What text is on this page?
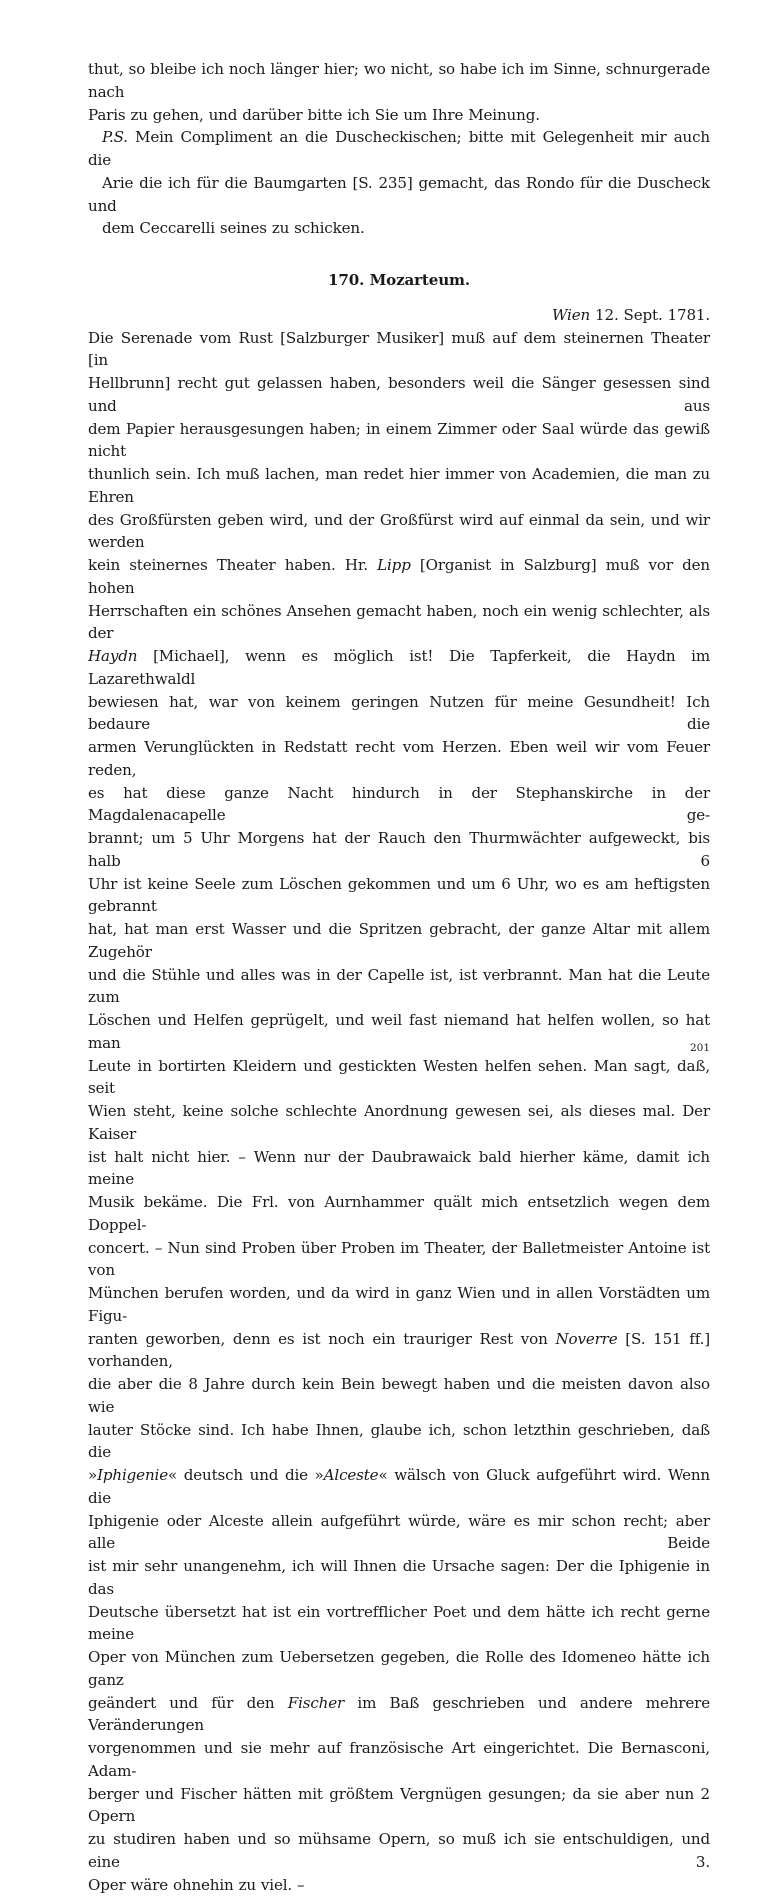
thut, so bleibe ich noch länger hier; wo nicht, so habe ich im Sinne, schnurgerade nach
Paris zu gehen, und darüber bitte ich Sie um Ihre Meinung.

P.S. Mein Compliment an die Duscheckischen; bitte mit Gelegenheit mir auch die
Arie die ich für die Baumgarten [S. 235] gemacht, das Rondo für die Duscheck und
dem Ceccarelli seines zu schicken.

170. Mozarteum.

Wien 12. Sept. 1781.

Die Serenade vom Rust [Salzburger Musiker] muß auf dem steinernen Theater [in
Hellbrunn] recht gut gelassen haben, besonders weil die Sänger gesessen sind und aus
dem Papier herausgesungen haben; in einem Zimmer oder Saal würde das gewiß nicht
thunlich sein. Ich muß lachen, man redet hier immer von Academien, die man zu Ehren
des Großfürsten geben wird, und der Großfürst wird auf einmal da sein, und wir werden
kein steinernes Theater haben. Hr. Lipp [Organist in Salzburg] muß vor den hohen
Herrschaften ein schönes Ansehen gemacht haben, noch ein wenig schlechter, als der
Haydn [Michael], wenn es möglich ist! Die Tapferkeit, die Haydn im Lazarethwaldl
bewiesen hat, war von keinem geringen Nutzen für meine Gesundheit! Ich bedaure die
armen Verunglückten in Redstatt recht vom Herzen. Eben weil wir vom Feuer reden,
es hat diese ganze Nacht hindurch in der Stephanskirche in der Magdalenacapelle ge-
brannt; um 5 Uhr Morgens hat der Rauch den Thurmwächter aufgeweckt, bis halb 6
Uhr ist keine Seele zum Löschen gekommen und um 6 Uhr, wo es am heftigsten gebrannt
hat, hat man erst Wasser und die Spritzen gebracht, der ganze Altar mit allem Zugehör
und die Stühle und alles was in der Capelle ist, ist verbrannt. Man hat die Leute zum
Löschen und Helfen geprügelt, und weil fast niemand hat helfen wollen, so hat man
Leute in bortirten Kleidern und gestickten Westen helfen sehen. Man sagt, daß, seit
Wien steht, keine solche schlechte Anordnung gewesen sei, als dieses mal. Der Kaiser
ist halt nicht hier. – Wenn nur der Daubrawaick bald hierher käme, damit ich meine
Musik bekäme. Die Frl. von Aurnhammer quält mich entsetzlich wegen dem Doppel-
concert. – Nun sind Proben über Proben im Theater, der Balletmeister Antoine ist von
München berufen worden, und da wird in ganz Wien und in allen Vorstädten um Figu-
ranten geworben, denn es ist noch ein trauriger Rest von Noverre [S. 151 ff.] vorhanden,
die aber die 8 Jahre durch kein Bein bewegt haben und die meisten davon also wie
lauter Stöcke sind. Ich habe Ihnen, glaube ich, schon letzthin geschrieben, daß die
»Iphigenie« deutsch und die »Alceste« wälsch von Gluck aufgeführt wird. Wenn die
Iphigenie oder Alceste allein aufgeführt würde, wäre es mir schon recht; aber alle Beide
ist mir sehr unangenehm, ich will Ihnen die Ursache sagen: Der die Iphigenie in das
Deutsche übersetzt hat ist ein vortrefflicher Poet und dem hätte ich recht gerne meine
Oper von München zum Uebersetzen gegeben, die Rolle des Idomeneo hätte ich ganz
geändert und für den Fischer im Baß geschrieben und andere mehrere Veränderungen
vorgenommen und sie mehr auf französische Art eingerichtet. Die Bernasconi, Adam-
berger und Fischer hätten mit größtem Vergnügen gesungen; da sie aber nun 2 Opern
zu studiren haben und so mühsame Opern, so muß ich sie entschuldigen, und eine 3.
Oper wäre ohnehin zu viel. –

201
